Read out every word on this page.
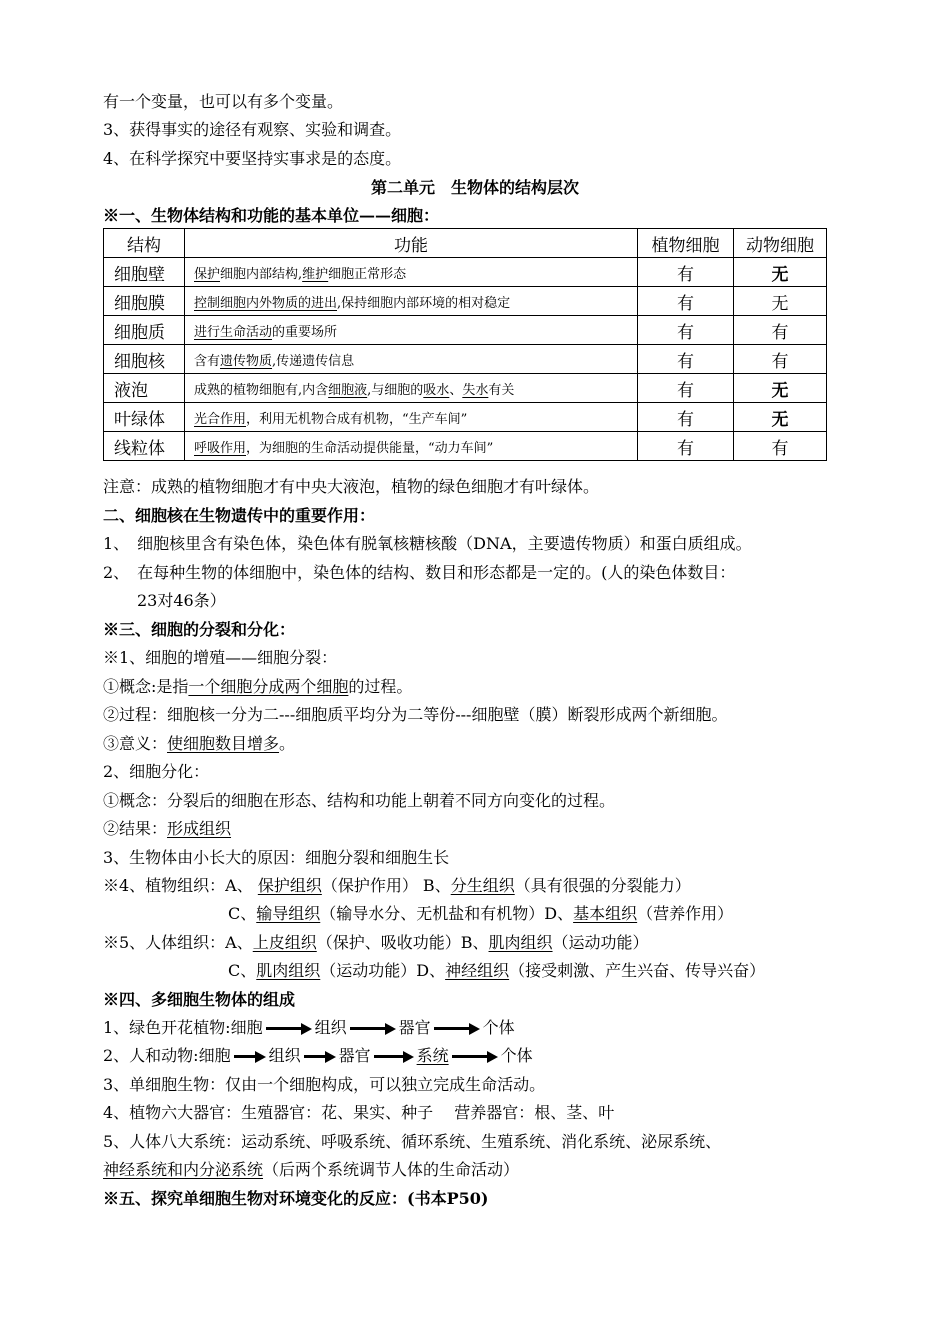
有一个变量，也可以有多个变量。
3、获得事实的途径有观察、实验和调查。
4、在科学探究中要坚持实事求是的态度。
第二单元　生物体的结构层次
※一、生物体结构和功能的基本单位——细胞：
结构	功能	植物细胞	动物细胞
细胞壁	保护细胞内部结构,维护细胞正常形态	有	无
细胞膜	控制细胞内外物质的进出,保持细胞内部环境的相对稳定	有	无
细胞质	进行生命活动的重要场所	有	有
细胞核	含有遗传物质,传递遗传信息	有	有
液泡	成熟的植物细胞有,内含细胞液,与细胞的吸水、失水有关	有	无
叶绿体	光合作用，利用无机物合成有机物，“生产车间”	有	无
线粒体	呼吸作用，为细胞的生命活动提供能量，“动力车间”	有	有
注意：成熟的植物细胞才有中央大液泡，植物的绿色细胞才有叶绿体。
二、细胞核在生物遗传中的重要作用：
1、　细胞核里含有染色体，染色体有脱氧核糖核酸（DNA，主要遗传物质）和蛋白质组成。
2、　在每种生物的体细胞中，染色体的结构、数目和形态都是一定的。(人的染色体数目：
23对46条）
※三、细胞的分裂和分化：
※1、细胞的增殖——细胞分裂：
①概念:是指一个细胞分成两个细胞的过程。
②过程：细胞核一分为二---细胞质平均分为二等份---细胞壁（膜）断裂形成两个新细胞。
③意义：使细胞数目增多。
2、细胞分化：
①概念：分裂后的细胞在形态、结构和功能上朝着不同方向变化的过程。
②结果：形成组织
3、生物体由小长大的原因：细胞分裂和细胞生长
※4、植物组织：A、 保护组织（保护作用） B、分生组织（具有很强的分裂能力）
C、输导组织（输导水分、无机盐和有机物）D、基本组织（营养作用）
※5、人体组织：A、上皮组织（保护、吸收功能）B、肌肉组织（运动功能）
C、肌肉组织（运动功能）D、神经组织（接受刺激、产生兴奋、传导兴奋）
※四、多细胞生物体的组成
1、绿色开花植物:细胞	组织	器官	个体
2、人和动物:细胞 组织 器官	系统	个体
3、单细胞生物：仅由一个细胞构成，可以独立完成生命活动。
4、植物六大器官：生殖器官：花、果实、种子　 营养器官：根、茎、叶
5、人体八大系统：运动系统、呼吸系统、循环系统、生殖系统、消化系统、泌尿系统、
神经系统和内分泌系统（后两个系统调节人体的生命活动）
※五、探究单细胞生物对环境变化的反应：(书本P50)
